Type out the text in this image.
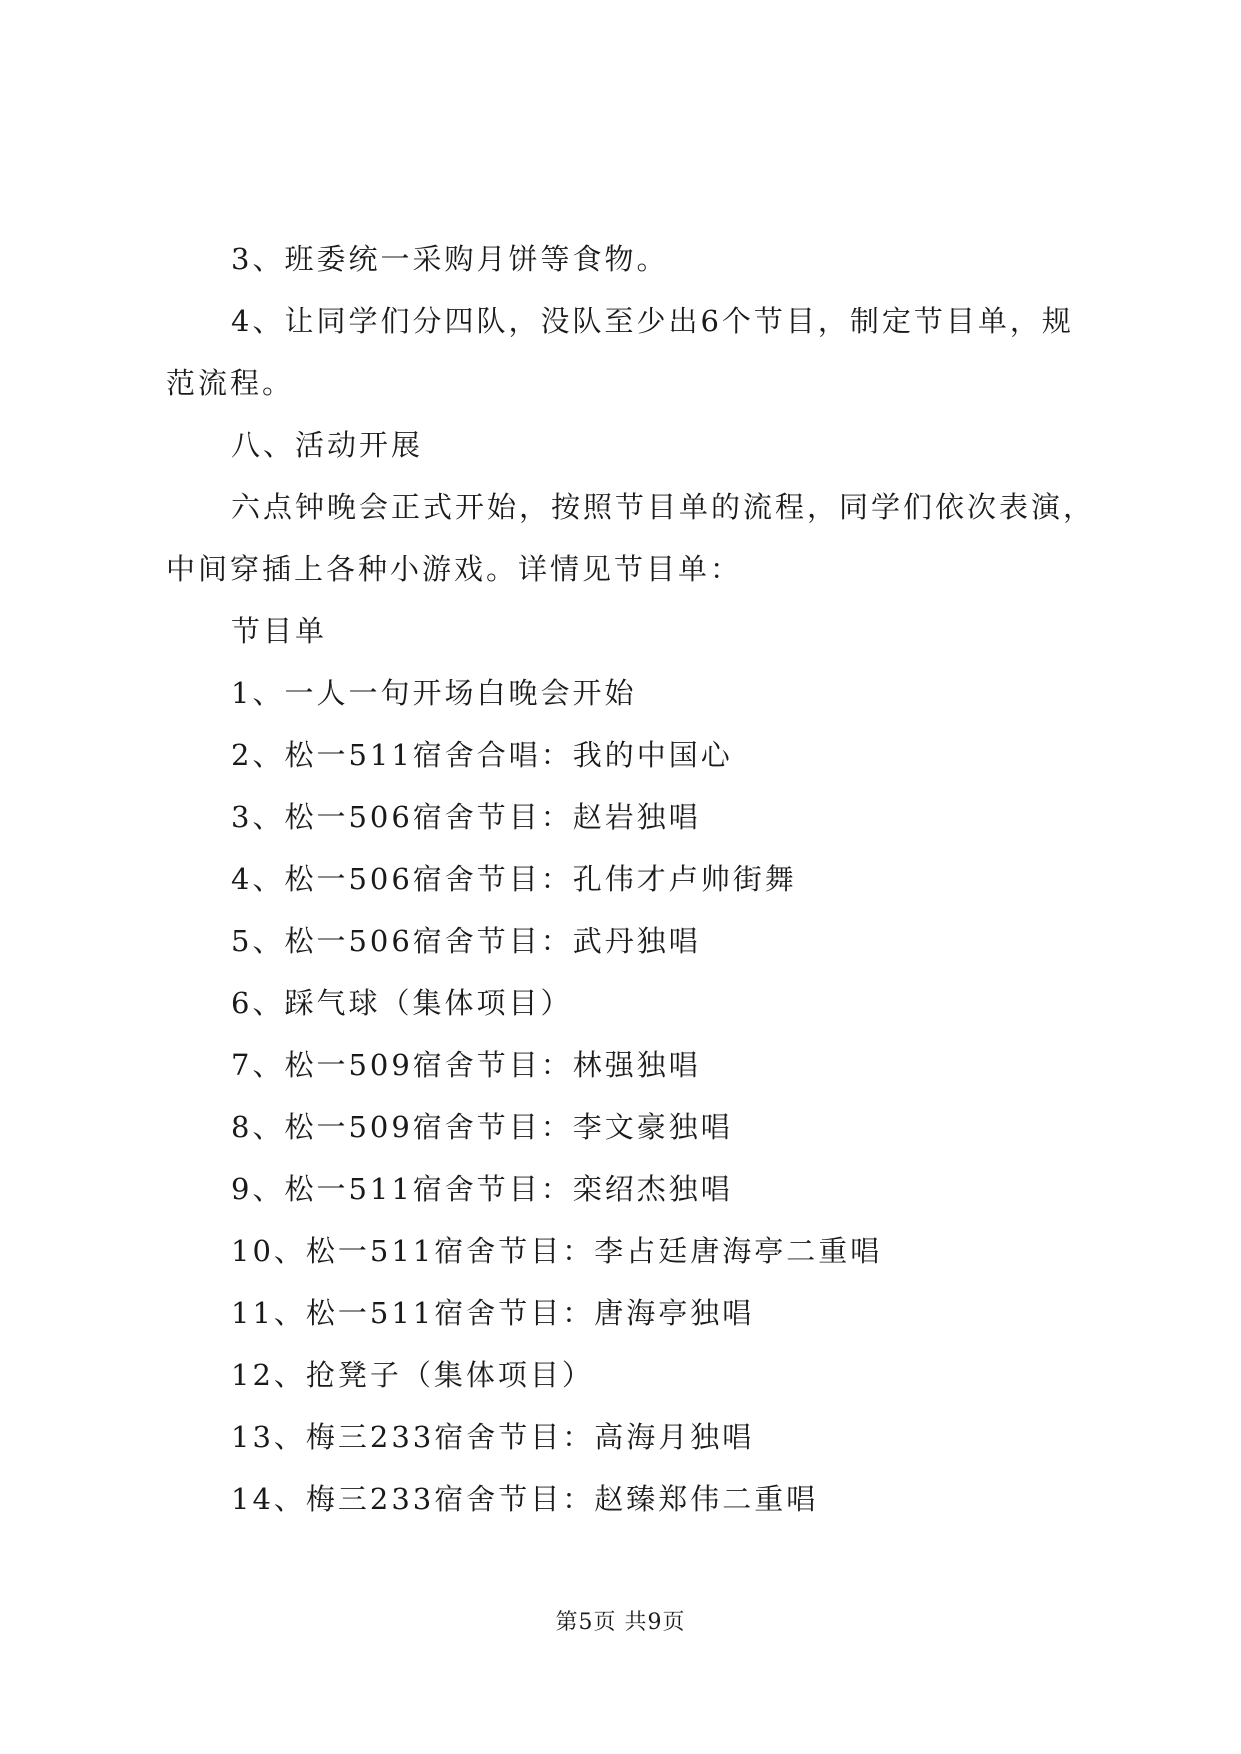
3、班委统一采购月饼等食物。

4、让同学们分四队，没队至少出6个节目，制定节目单，规范流程。

八、活动开展

六点钟晚会正式开始，按照节目单的流程，同学们依次表演，中间穿插上各种小游戏。详情见节目单：

节目单

1、一人一句开场白晚会开始

2、松一511宿舍合唱：我的中国心

3、松一506宿舍节目：赵岩独唱

4、松一506宿舍节目：孔伟才卢帅街舞

5、松一506宿舍节目：武丹独唱

6、踩气球（集体项目）

7、松一509宿舍节目：林强独唱

8、松一509宿舍节目：李文豪独唱

9、松一511宿舍节目：栾绍杰独唱

10、松一511宿舍节目：李占廷唐海亭二重唱

11、松一511宿舍节目：唐海亭独唱

12、抢凳子（集体项目）

13、梅三233宿舍节目：高海月独唱

14、梅三233宿舍节目：赵臻郑伟二重唱

第5页 共9页
